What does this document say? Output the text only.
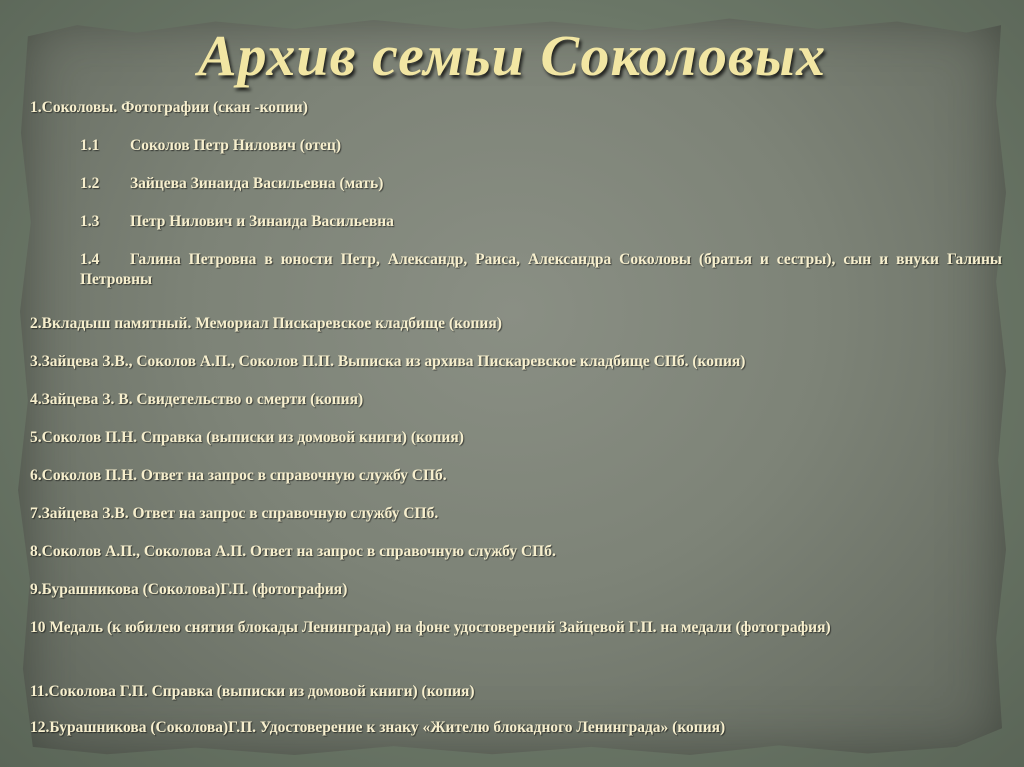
Архив семьи Соколовых

1.Соколовы. Фотографии (скан -копии)

1.1 Соколов Петр Нилович (отец)

1.2 Зайцева Зинаида Васильевна (мать)

1.3 Петр Нилович и Зинаида Васильевна

1.4 Галина Петровна в юности Петр, Александр, Раиса, Александра Соколовы (братья и сестры), сын и внуки Галины Петровны

2.Вкладыш памятный. Мемориал Пискаревское кладбище (копия)

3.Зайцева З.В., Соколов А.П., Соколов П.П. Выписка из архива Пискаревское кладбище СПб. (копия)

4.Зайцева З. В. Свидетельство о смерти (копия)

5.Соколов П.Н. Справка (выписки из домовой книги) (копия)

6.Соколов П.Н. Ответ на запрос в справочную службу СПб.

7.Зайцева З.В. Ответ на запрос в справочную службу СПб.

8.Соколов А.П., Соколова А.П. Ответ на запрос в справочную службу СПб.

9.Бурашникова (Соколова)Г.П. (фотография)

10 Медаль (к юбилею снятия блокады Ленинграда) на фоне удостоверений Зайцевой Г.П. на медали (фотография)

11.Соколова Г.П. Справка (выписки из домовой книги) (копия)

12.Бурашникова (Соколова)Г.П. Удостоверение к знаку «Жителю блокадного Ленинграда» (копия)
